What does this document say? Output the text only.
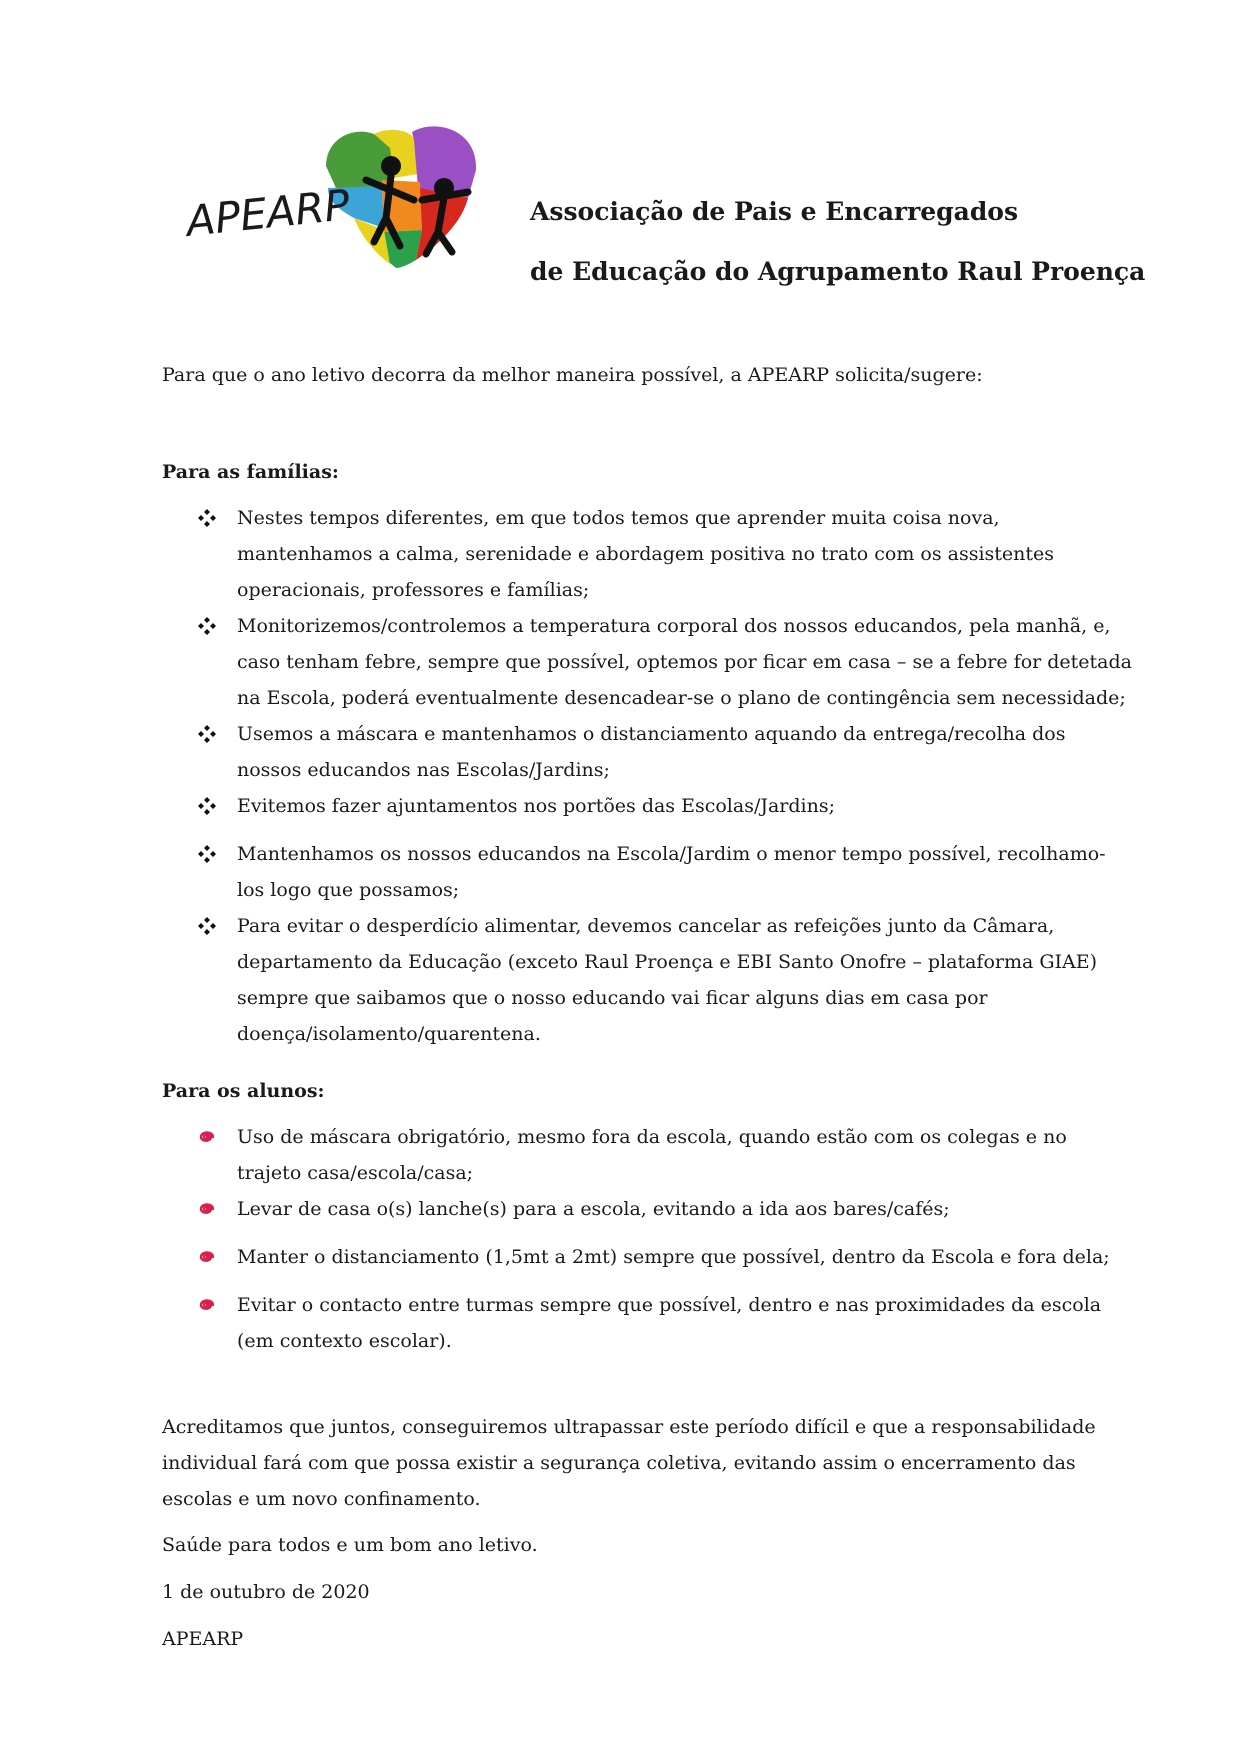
APEARP	Associação de Pais e Encarregados
de Educação do Agrupamento Raul Proença
Para que o ano letivo decorra da melhor maneira possível, a APEARP solicita/sugere:
Para as famílias:
Nestes tempos diferentes, em que todos temos que aprender muita coisa nova, mantenhamos a calma, serenidade e abordagem positiva no trato com os assistentes operacionais, professores e famílias;
Monitorizemos/controlemos a temperatura corporal dos nossos educandos, pela manhã, e, caso tenham febre, sempre que possível, optemos por ficar em casa – se a febre for detetada na Escola, poderá eventualmente desencadear-se o plano de contingência sem necessidade;
Usemos a máscara e mantenhamos o distanciamento aquando da entrega/recolha dos nossos educandos nas Escolas/Jardins;
Evitemos fazer ajuntamentos nos portões das Escolas/Jardins;
Mantenhamos os nossos educandos na Escola/Jardim o menor tempo possível, recolhamo-los logo que possamos;
Para evitar o desperdício alimentar, devemos cancelar as refeições junto da Câmara, departamento da Educação (exceto Raul Proença e EBI Santo Onofre – plataforma GIAE) sempre que saibamos que o nosso educando vai ficar alguns dias em casa por doença/isolamento/quarentena.
Para os alunos:
Uso de máscara obrigatório, mesmo fora da escola, quando estão com os colegas e no trajeto casa/escola/casa;
Levar de casa o(s) lanche(s) para a escola, evitando a ida aos bares/cafés;
Manter o distanciamento (1,5mt a 2mt) sempre que possível, dentro da Escola e fora dela;
Evitar o contacto entre turmas sempre que possível, dentro e nas proximidades da escola (em contexto escolar).

Acreditamos que juntos, conseguiremos ultrapassar este período difícil e que a responsabilidade individual fará com que possa existir a segurança coletiva, evitando assim o encerramento das escolas e um novo confinamento.

Saúde para todos e um bom ano letivo.

1 de outubro de 2020

APEARP
